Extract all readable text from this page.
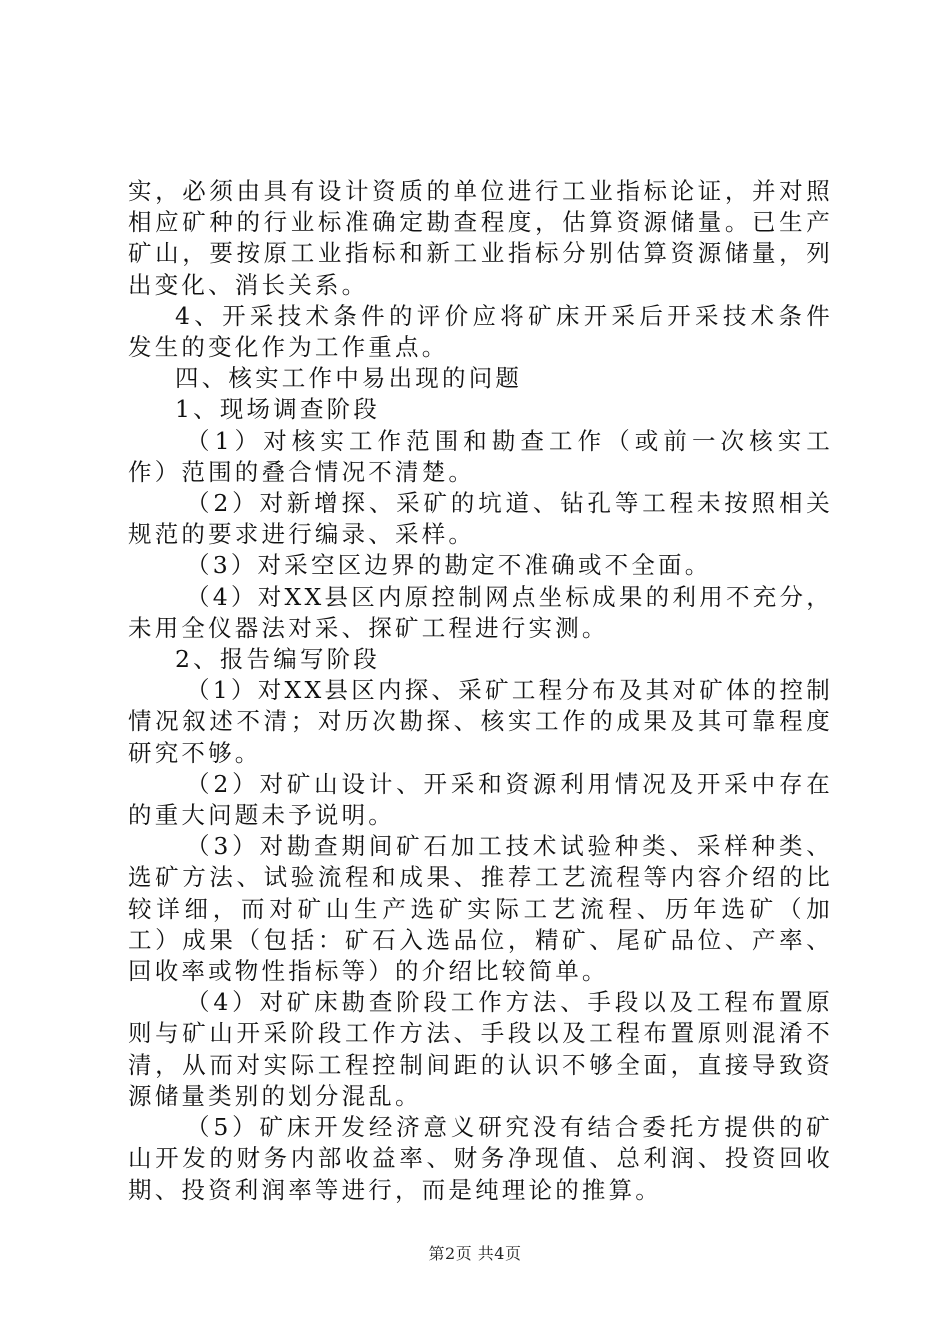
实，必须由具有设计资质的单位进行工业指标论证，并对照相应矿种的行业标准确定勘查程度，估算资源储量。已生产矿山，要按原工业指标和新工业指标分别估算资源储量，列出变化、消长关系。

4、开采技术条件的评价应将矿床开采后开采技术条件发生的变化作为工作重点。

四、核实工作中易出现的问题

1、现场调查阶段

（1）对核实工作范围和勘查工作（或前一次核实工作）范围的叠合情况不清楚。

（2）对新增探、采矿的坑道、钻孔等工程未按照相关规范的要求进行编录、采样。

（3）对采空区边界的勘定不准确或不全面。

（4）对XX县区内原控制网点坐标成果的利用不充分，未用全仪器法对采、探矿工程进行实测。

2、报告编写阶段

（1）对XX县区内探、采矿工程分布及其对矿体的控制情况叙述不清；对历次勘探、核实工作的成果及其可靠程度研究不够。

（2）对矿山设计、开采和资源利用情况及开采中存在的重大问题未予说明。

（3）对勘查期间矿石加工技术试验种类、采样种类、选矿方法、试验流程和成果、推荐工艺流程等内容介绍的比较详细，而对矿山生产选矿实际工艺流程、历年选矿（加工）成果（包括：矿石入选品位，精矿、尾矿品位、产率、回收率或物性指标等）的介绍比较简单。

（4）对矿床勘查阶段工作方法、手段以及工程布置原则与矿山开采阶段工作方法、手段以及工程布置原则混淆不清，从而对实际工程控制间距的认识不够全面，直接导致资源储量类别的划分混乱。

（5）矿床开发经济意义研究没有结合委托方提供的矿山开发的财务内部收益率、财务净现值、总利润、投资回收期、投资利润率等进行，而是纯理论的推算。

第2页 共4页
